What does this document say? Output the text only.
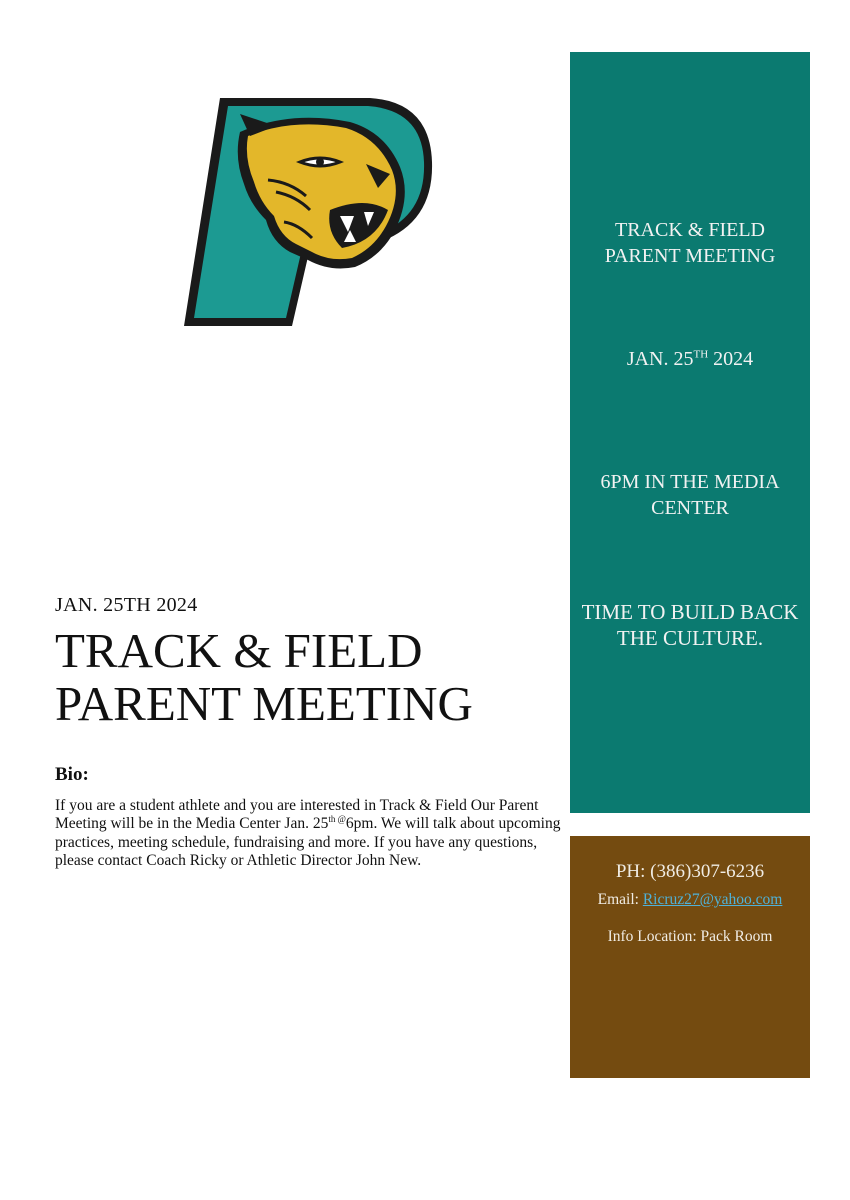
JAN. 25TH 2024
TRACK & FIELD
PARENT MEETING
Bio:
If you are a student athlete and you are interested in Track & Field Our Parent Meeting will be in the Media Center Jan. $25^{th @}6pm$. We will talk about upcoming practices, meeting schedule, fundraising and more. If you have any questions, please contact Coach Ricky or Athletic Director John New.
TRACK & FIELD
PARENT MEETING
JAN. 25TH 2024
6PM IN THE MEDIA
CENTER
TIME TO BUILD BACK
THE CULTURE.
PH: (386)307-6236
Email: Ricruz27@yahoo.com
Info Location: Pack Room
